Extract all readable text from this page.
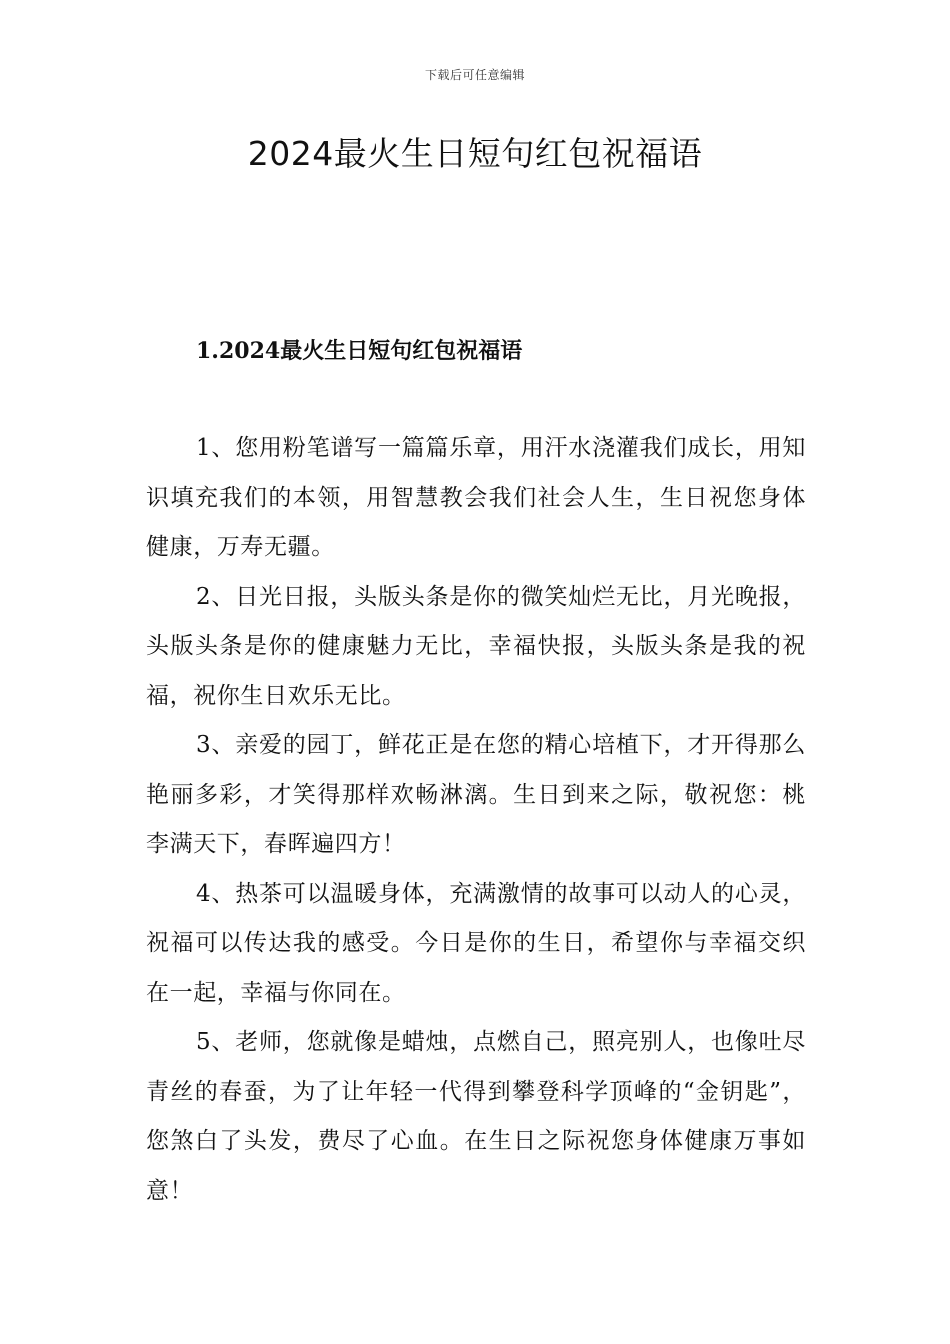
下载后可任意编辑
2024最火生日短句红包祝福语
1.2024最火生日短句红包祝福语

1、您用粉笔谱写一篇篇乐章，用汗水浇灌我们成长，用知识填充我们的本领，用智慧教会我们社会人生，生日祝您身体健康，万寿无疆。

2、日光日报，头版头条是你的微笑灿烂无比，月光晚报，头版头条是你的健康魅力无比，幸福快报，头版头条是我的祝福，祝你生日欢乐无比。

3、亲爱的园丁，鲜花正是在您的精心培植下，才开得那么艳丽多彩，才笑得那样欢畅淋漓。生日到来之际，敬祝您：桃李满天下，春晖遍四方！

4、热茶可以温暖身体，充满激情的故事可以动人的心灵，祝福可以传达我的感受。今日是你的生日，希望你与幸福交织在一起，幸福与你同在。

5、老师，您就像是蜡烛，点燃自己，照亮别人，也像吐尽青丝的春蚕，为了让年轻一代得到攀登科学顶峰的“金钥匙”，您煞白了头发，费尽了心血。在生日之际祝您身体健康万事如意！
